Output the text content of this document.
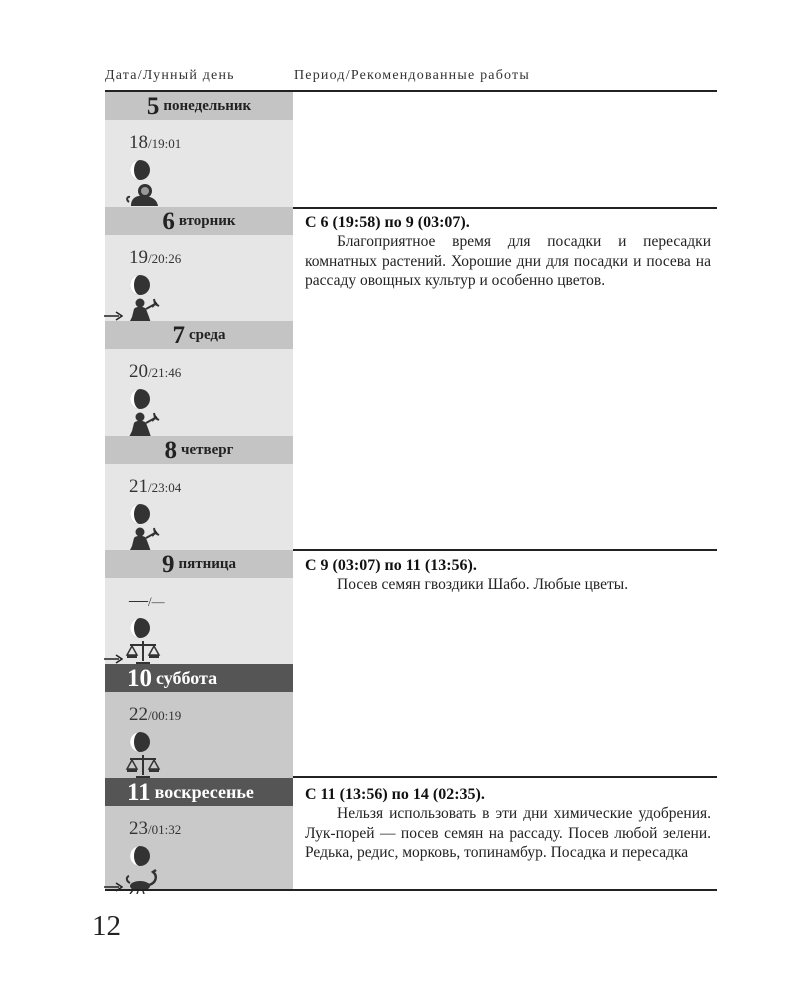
Дата/Лунный день	Период/Рекомендованные работы
5 понедельник
18/19:01
6 вторник
19/20:26
7 среда
20/21:46
8 четверг
21/23:04
9 пятница
—/—
10 суббота
22/00:19
11 воскресенье
23/01:32
С 6 (19:58) по 9 (03:07).
Благоприятное время для посадки и пересадки комнатных растений. Хорошие дни для посадки и посева на рассаду овощных культур и особенно цветов.
С 9 (03:07) по 11 (13:56).
Посев семян гвоздики Шабо. Любые цветы.
С 11 (13:56) по 14 (02:35).
Нельзя использовать в эти дни химические удобрения. Лук-порей — посев семян на рассаду. Посев любой зелени. Редька, редис, морковь, топинамбур. Посадка и пересадка
12
